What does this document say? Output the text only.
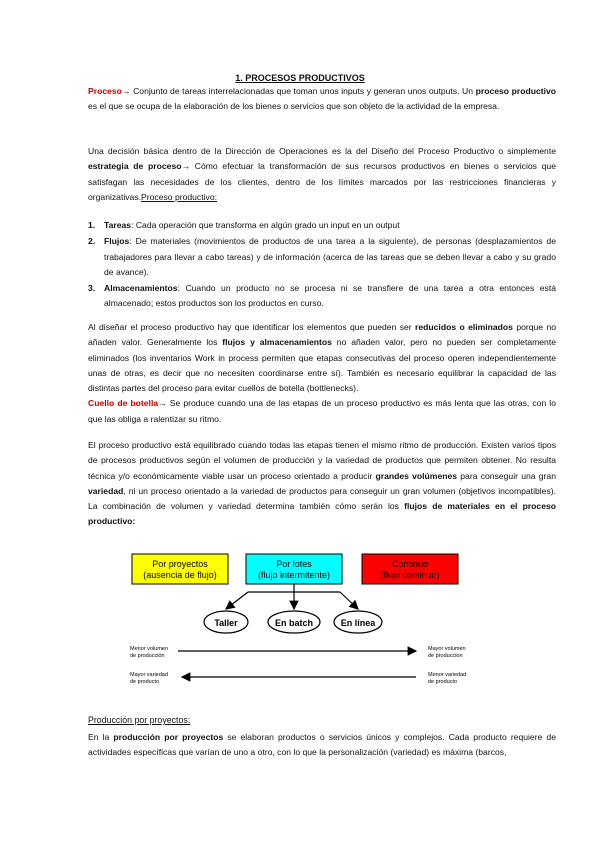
1. PROCESOS PRODUCTIVOS

Proceso→ Conjunto de tareas interrelacionadas que toman unos inputs y generan unos outputs. Un proceso productivo es el que se ocupa de la elaboración de los bienes o servicios que son objeto de la actividad de la empresa.

Una decisión básica dentro de la Dirección de Operaciones es la del Diseño del Proceso Productivo o simplemente estrategia de proceso→ Cómo efectuar la transformación de sus recursos productivos en bienes o servicios que satisfagan las necesidades de los clientes, dentro de los límites marcados por las restricciones financieras y organizativas.Proceso productivo:

1. Tareas: Cada operación que transforma en algún grado un input en un output
2. Flujos: De materiales (movimientos de productos de una tarea a la siguiente), de personas (desplazamientos de trabajadores para llevar a cabo tareas) y de información (acerca de las tareas que se deben llevar a cabo y su grado de avance).
3. Almacenamientos: Cuando un producto no se procesa ni se transfiere de una tarea a otra entonces está almacenado; estos productos son los productos en curso.

Al diseñar el proceso productivo hay que identificar los elementos que pueden ser reducidos o eliminados porque no añaden valor. Generalmente los flujos y almacenamientos no añaden valor, pero no pueden ser completamente eliminados (los inventarios Work in process permiten que etapas consecutivas del proceso operen independientemente unas de otras, es decir que no necesiten coordinarse entre sí). También es necesario equilibrar la capacidad de las distintas partes del proceso para evitar cuellos de botella (bottlenecks).
Cuello de botella→ Se produce cuando una de las etapas de un proceso productivo es más lenta que las otras, con lo que las obliga a ralentizar su ritmo.

El proceso productivo está equilibrado cuando todas las etapas tienen el mismo ritmo de producción. Existen varios tipos de procesos productivos según el volumen de producción y la variedad de productos que permiten obtener. No resulta técnica y/o económicamente viable usar un proceso orientado a producir grandes volúmenes para conseguir una gran variedad, ni un proceso orientado a la variedad de productos para conseguir un gran volumen (objetivos incompatibles). La combinación de volumen y variedad determina también cómo serán los flujos de materiales en el proceso productivo:

Por proyectos
(ausencia de flujo)
Por lotes
(flujo intermitente)
Continuo
(flujo continuo)
Taller	En batch	En línea
Menor volumen
de producción
Mayor volumen
de produccion
Mayor variedad
de producto
Menor variedad
de producto

Producción por proyectos:

En la producción por proyectos se elaboran productos o servicios únicos y complejos. Cada producto requiere de actividades específicas que varían de uno a otro, con lo que la personalización (variedad) es máxima (barcos,
